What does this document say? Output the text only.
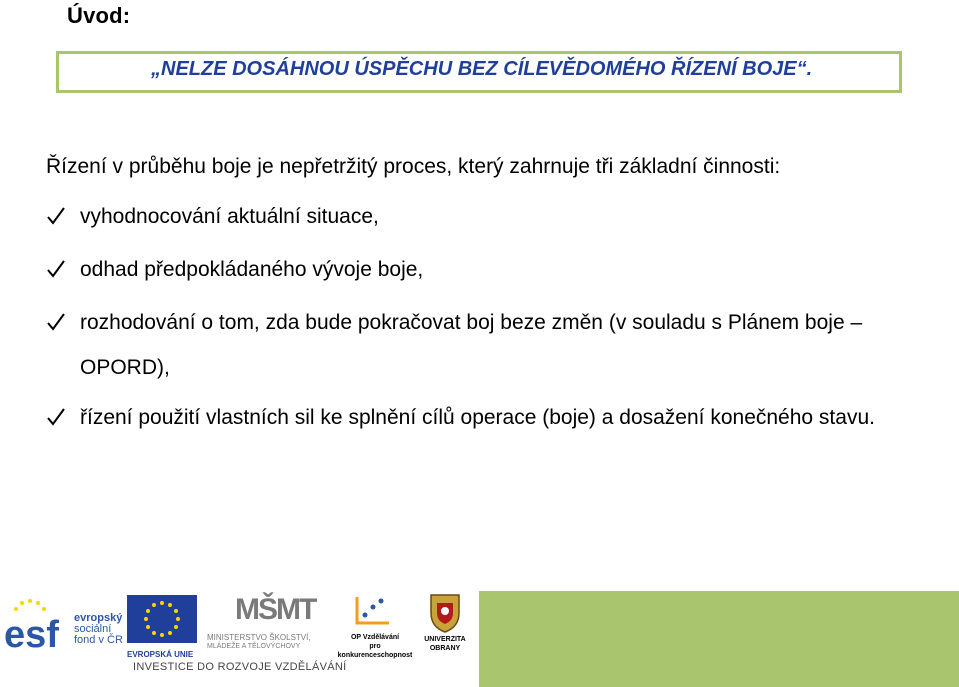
Úvod:
„NELZE DOSÁHNOU ÚSPĚCHU BEZ CÍLEVĚDOMÉHO ŘÍZENÍ BOJE“.
Řízení v průběhu boje je nepřetržitý proces, který zahrnuje tři základní činnosti:
vyhodnocování aktuální situace,
odhad předpokládaného vývoje boje,
rozhodování o tom, zda bude pokračovat boj beze změn (v souladu s Plánem boje – OPORD),
řízení použití vlastních sil ke splnění cílů operace (boje) a dosažení konečného stavu.
esf evropský
sociální
fond v ČR
EVROPSKÁ UNIE
MŠMT
MINISTERSTVO ŠKOLSTVÍ,
MLÁDEŽE A TĚLOVÝCHOVY
OP Vzdělávání
pro konkurenceschopnost
UNIVERZITA
OBRANY
INVESTICE DO ROZVOJE VZDĚLÁVÁNÍ
